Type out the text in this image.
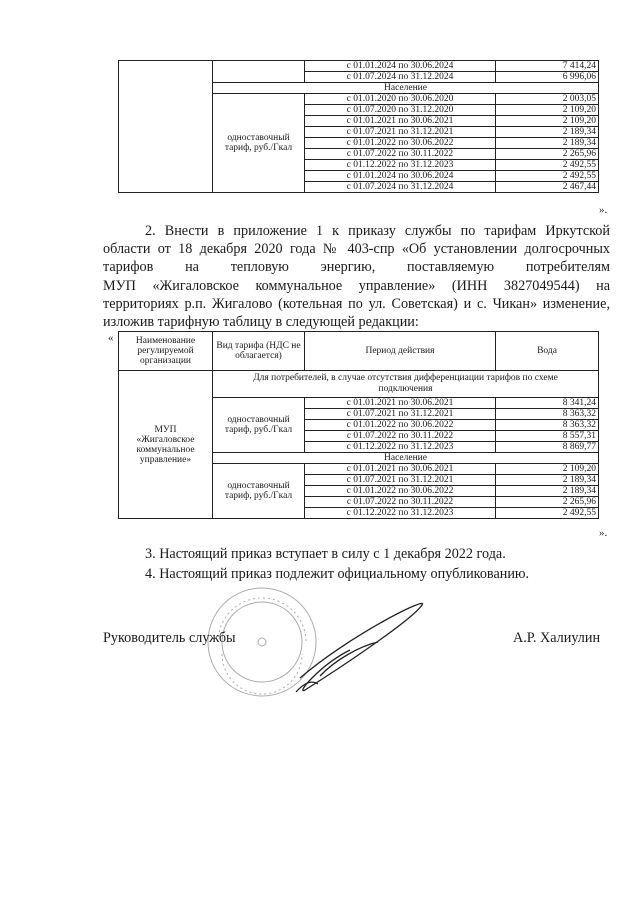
		с 01.01.2024 по 30.06.2024	7 414,24
		с 01.07.2024 по 31.12.2024	6 996,06
	Население		
	одноставочный тариф, руб./Гкал	с 01.01.2020 по 30.06.2020	2 003,05
		с 01.07.2020 по 31.12.2020	2 109,20
		с 01.01.2021 по 30.06.2021	2 109,20
		с 01.07.2021 по 31.12.2021	2 189,34
		с 01.01.2022 по 30.06.2022	2 189,34
		с 01.07.2022 по 30.11.2022	2 265,96
		с 01.12.2022 по 31.12.2023	2 492,55
		с 01.01.2024 по 30.06.2024	2 492,55
		с 01.07.2024 по 31.12.2024	2 467,44
».
2. Внести в приложение 1 к приказу службы по тарифам Иркутской
области от 18 декабря 2020 года № 403-спр «Об установлении долгосрочных
тарифов на тепловую энергию, поставляемую потребителям
МУП «Жигаловское коммунальное управление» (ИНН 3827049544) на
территориях р.п. Жигалово (котельная по ул. Советская) и с. Чикан» изменение,
изложив тарифную таблицу в следующей редакции:
« Наименование регулируемой организации	Вид тарифа (НДС не облагается)	Период действия	Вода
МУП «Жигаловское коммунальное управление»	Для потребителей, в случае отсутствия дифференциации тарифов по схеме подключения		
	одноставочный тариф, руб./Гкал	с 01.01.2021 по 30.06.2021	8 341,24
		с 01.07.2021 по 31.12.2021	8 363,32
		с 01.01.2022 по 30.06.2022	8 363,32
		с 01.07.2022 по 30.11.2022	8 557,31
		с 01.12.2022 по 31.12.2023	8 869,77
	Население		
	одноставочный тариф, руб./Гкал	с 01.01.2021 по 30.06.2021	2 109,20
		с 01.07.2021 по 31.12.2021	2 189,34
		с 01.01.2022 по 30.06.2022	2 189,34
		с 01.07.2022 по 30.11.2022	2 265,96
		с 01.12.2022 по 31.12.2023	2 492,55
».
3. Настоящий приказ вступает в силу с 1 декабря 2022 года.
4. Настоящий приказ подлежит официальному опубликованию.
Руководитель службы	А.Р. Халиулин
